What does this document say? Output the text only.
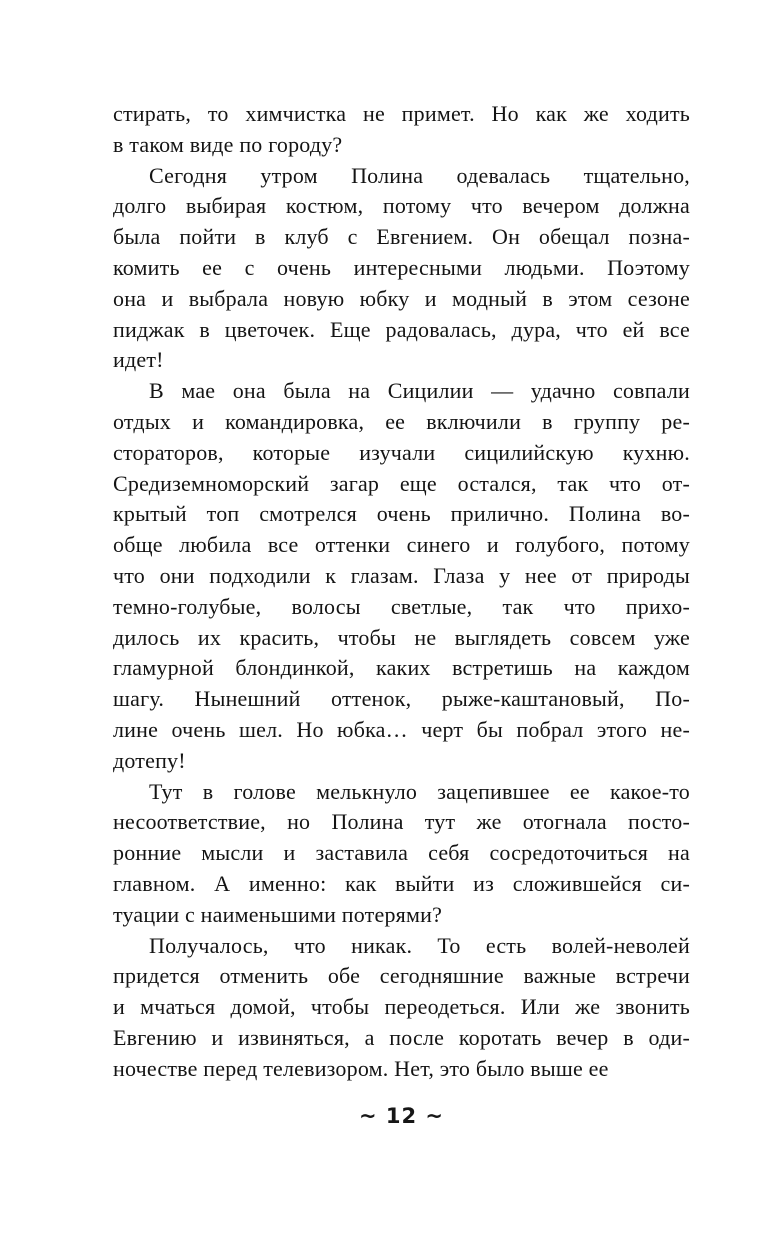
стирать, то химчистка не примет. Но как же ходить
в таком виде по городу?
Сегодня утром Полина одевалась тщательно,
долго выбирая костюм, потому что вечером должна
была пойти в клуб с Евгением. Он обещал позна-
комить ее с очень интересными людьми. Поэтому
она и выбрала новую юбку и модный в этом сезоне
пиджак в цветочек. Еще радовалась, дура, что ей все
идет!
В мае она была на Сицилии — удачно совпали
отдых и командировка, ее включили в группу ре-
стораторов, которые изучали сицилийскую кухню.
Средиземноморский загар еще остался, так что от-
крытый топ смотрелся очень прилично. Полина во-
обще любила все оттенки синего и голубого, потому
что они подходили к глазам. Глаза у нее от природы
темно-голубые, волосы светлые, так что прихо-
дилось их красить, чтобы не выглядеть совсем уже
гламурной блондинкой, каких встретишь на каждом
шагу. Нынешний оттенок, рыже-каштановый, По-
лине очень шел. Но юбка… черт бы побрал этого не-
дотепу!
Тут в голове мелькнуло зацепившее ее какое-то
несоответствие, но Полина тут же отогнала посто-
ронние мысли и заставила себя сосредоточиться на
главном. А именно: как выйти из сложившейся си-
туации с наименьшими потерями?
Получалось, что никак. То есть волей-неволей
придется отменить обе сегодняшние важные встречи
и мчаться домой, чтобы переодеться. Или же звонить
Евгению и извиняться, а после коротать вечер в оди-
ночестве перед телевизором. Нет, это было выше ее
~ 12 ~
